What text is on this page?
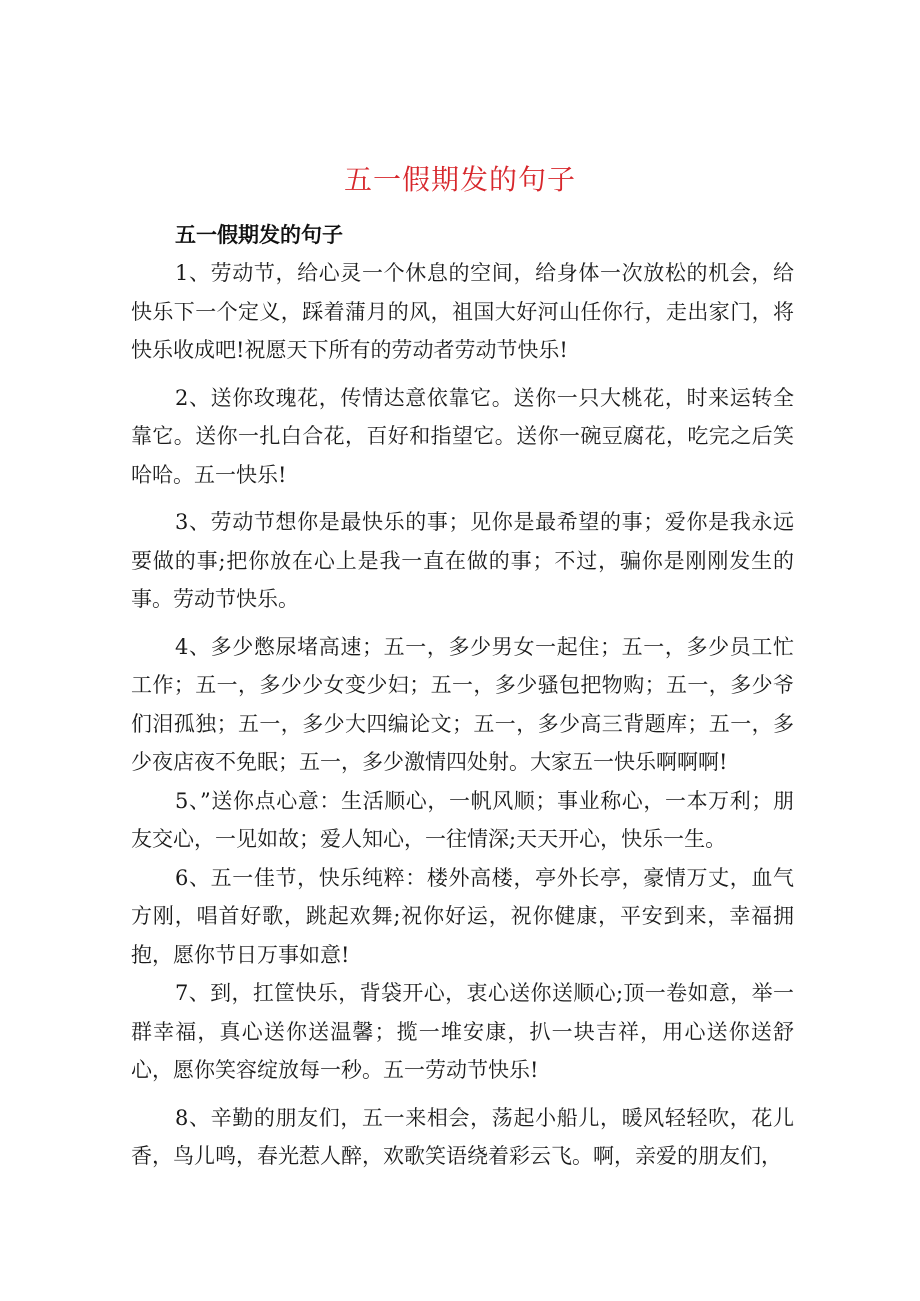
五一假期发的句子

五一假期发的句子

1、劳动节，给心灵一个休息的空间，给身体一次放松的机会，给快乐下一个定义，踩着蒲月的风，祖国大好河山任你行，走出家门，将快乐收成吧!祝愿天下所有的劳动者劳动节快乐!

2、送你玫瑰花，传情达意依靠它。送你一只大桃花，时来运转全靠它。送你一扎白合花，百好和指望它。送你一碗豆腐花，吃完之后笑哈哈。五一快乐!

3、劳动节想你是最快乐的事；见你是最希望的事；爱你是我永远要做的事;把你放在心上是我一直在做的事；不过，骗你是刚刚发生的事。劳动节快乐。

4、多少憋尿堵高速；五一，多少男女一起住；五一，多少员工忙工作；五一，多少少女变少妇；五一，多少骚包把物购；五一，多少爷们泪孤独；五一，多少大四编论文；五一，多少高三背题库；五一，多少夜店夜不免眠；五一，多少激情四处射。大家五一快乐啊啊啊!

5、”送你点心意：生活顺心，一帆风顺；事业称心，一本万利；朋友交心，一见如故；爱人知心，一往情深;天天开心，快乐一生。

6、五一佳节，快乐纯粹：楼外高楼，亭外长亭，豪情万丈，血气方刚，唱首好歌，跳起欢舞;祝你好运，祝你健康，平安到来，幸福拥抱，愿你节日万事如意!

7、到，扛筐快乐，背袋开心，衷心送你送顺心;顶一卷如意，举一群幸福，真心送你送温馨；揽一堆安康，扒一块吉祥，用心送你送舒心，愿你笑容绽放每一秒。五一劳动节快乐!

8、辛勤的朋友们，五一来相会，荡起小船儿，暖风轻轻吹，花儿香，鸟儿鸣，春光惹人醉，欢歌笑语绕着彩云飞。啊，亲爱的朋友们，
